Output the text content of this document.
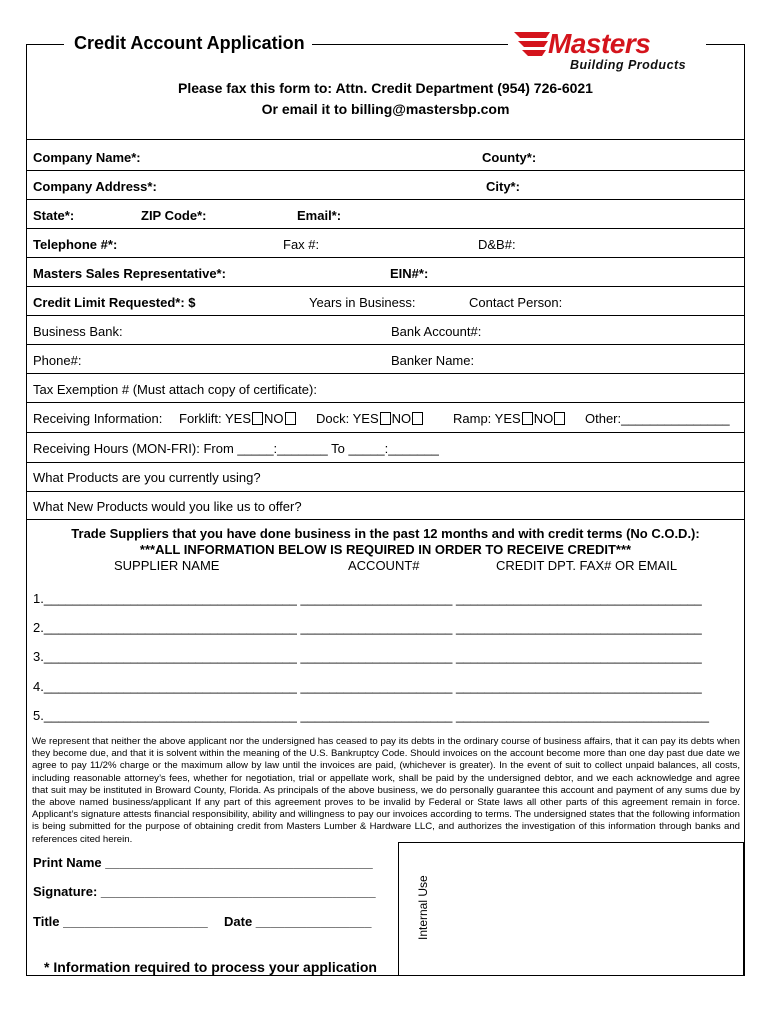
Credit Account Application	Masters
Building Products
Please fax this form to: Attn. Credit Department (954) 726-6021
Or email it to billing@mastersbp.com
Company Name*:	County*:
Company Address*:	City*:
State*:	ZIP Code*:	Email*:
Telephone #*:	Fax #:	D&B#:
Masters Sales Representative*:	EIN#*:
Credit Limit Requested*: $	Years in Business:	Contact Person:
Business Bank:	Bank Account#:
Phone#:	Banker Name:
Tax Exemption # (Must attach copy of certificate):
Receiving Information: Forklift: YES NO	Dock: YES NO	Ramp: YES NO	Other:_______________
Receiving Hours (MON-FRI): From _____:_______ To _____:_______
What Products are you currently using?
What New Products would you like us to offer?
Trade Suppliers that you have done business in the past 12 months and with credit terms (No C.O.D.):
***ALL INFORMATION BELOW IS REQUIRED IN ORDER TO RECEIVE CREDIT***
SUPPLIER NAME	ACCOUNT#	CREDIT DPT. FAX# OR EMAIL
1.___________________________________ _____________________ __________________________________
2.___________________________________ _____________________ __________________________________
3.___________________________________ _____________________ __________________________________
4.___________________________________ _____________________ __________________________________
5.___________________________________ _____________________ ___________________________________
We represent that neither the above applicant nor the undersigned has ceased to pay its debts in the ordinary course of business affairs, that it can pay its debts when they become due, and that it is solvent within the meaning of the U.S. Bankruptcy Code. Should invoices on the account become more than one day past due date we agree to pay 11/2% charge or the maximum allow by law until the invoices are paid, (whichever is greater). In the event of suit to collect unpaid balances, all costs, including reasonable attorney’s fees, whether for negotiation, trial or appellate work, shall be paid by the undersigned debtor, and we each acknowledge and agree that suit may be instituted in Broward County, Florida. As principals of the above business, we do personally guarantee this account and payment of any sums due by the above named business/applicant If any part of this agreement proves to be invalid by Federal or State laws all other parts of this agreement remain in force. Applicant’s signature attests financial responsibility, ability and willingness to pay our invoices according to terms. The undersigned states that the following information is being submitted for the purpose of obtaining credit from Masters Lumber & Hardware LLC, and authorizes the investigation of this information through banks and references cited herein.
Internal Use
Print Name _____________________________________
Signature: ______________________________________
Title ____________________ Date ________________
* Information required to process your application
